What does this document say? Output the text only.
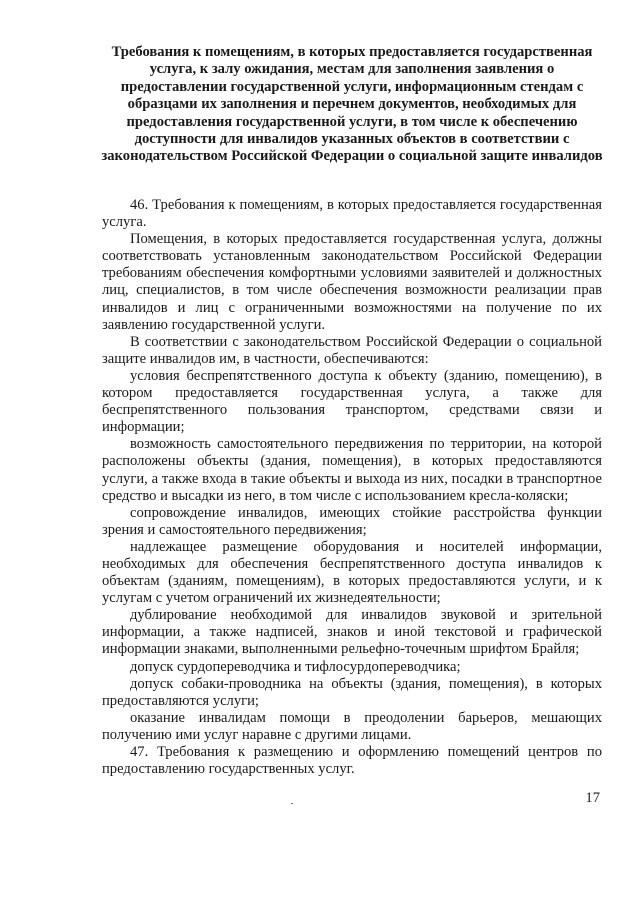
Требования к помещениям, в которых предоставляется государственная услуга, к залу ожидания, местам для заполнения заявления о предоставлении государственной услуги, информационным стендам с образцами их заполнения и перечнем документов, необходимых для предоставления государственной услуги, в том числе к обеспечению доступности для инвалидов указанных объектов в соответствии с законодательством Российской Федерации о социальной защите инвалидов

46. Требования к помещениям, в которых предоставляется государственная услуга.

Помещения, в которых предоставляется государственная услуга, должны соответствовать установленным законодательством Российской Федерации требованиям обеспечения комфортными условиями заявителей и должностных лиц, специалистов, в том числе обеспечения возможности реализации прав инвалидов и лиц с ограниченными возможностями на получение по их заявлению государственной услуги.

В соответствии с законодательством Российской Федерации о социальной защите инвалидов им, в частности, обеспечиваются:

условия беспрепятственного доступа к объекту (зданию, помещению), в котором предоставляется государственная услуга, а также для беспрепятственного пользования транспортом, средствами связи и информации;

возможность самостоятельного передвижения по территории, на которой расположены объекты (здания, помещения), в которых предоставляются услуги, а также входа в такие объекты и выхода из них, посадки в транспортное средство и высадки из него, в том числе с использованием кресла-коляски;

сопровождение инвалидов, имеющих стойкие расстройства функции зрения и самостоятельного передвижения;

надлежащее размещение оборудования и носителей информации, необходимых для обеспечения беспрепятственного доступа инвалидов к объектам (зданиям, помещениям), в которых предоставляются услуги, и к услугам с учетом ограничений их жизнедеятельности;

дублирование необходимой для инвалидов звуковой и зрительной информации, а также надписей, знаков и иной текстовой и графической информации знаками, выполненными рельефно-точечным шрифтом Брайля;

допуск сурдопереводчика и тифлосурдопереводчика;

допуск собаки-проводника на объекты (здания, помещения), в которых предоставляются услуги;

оказание инвалидам помощи в преодолении барьеров, мешающих получению ими услуг наравне с другими лицами.

47. Требования к размещению и оформлению помещений центров по предоставлению государственных услуг.

17
